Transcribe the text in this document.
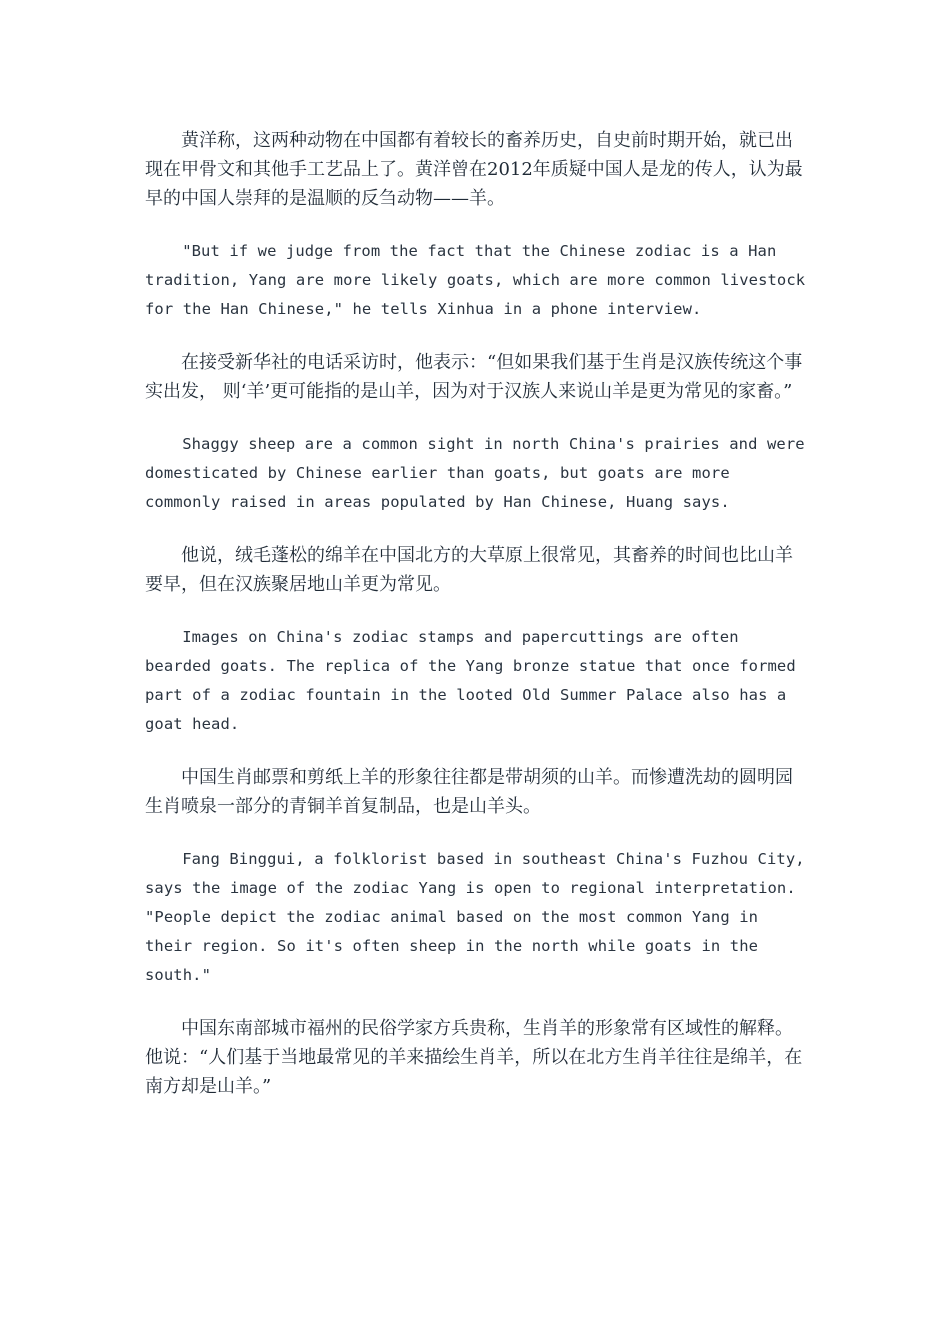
黄洋称，这两种动物在中国都有着较长的畜养历史，自史前时期开始，就已出现在甲骨文和其他手工艺品上了。黄洋曾在2012年质疑中国人是龙的传人，认为最早的中国人崇拜的是温顺的反刍动物——羊。

"But if we judge from the fact that the Chinese zodiac is a Han tradition, Yang are more likely goats, which are more common livestock for the Han Chinese," he tells Xinhua in a phone interview.

在接受新华社的电话采访时，他表示：“但如果我们基于生肖是汉族传统这个事实出发， 则‘羊’更可能指的是山羊，因为对于汉族人来说山羊是更为常见的家畜。”

Shaggy sheep are a common sight in north China's prairies and were domesticated by Chinese earlier than goats, but goats are more commonly raised in areas populated by Han Chinese, Huang says.

他说，绒毛蓬松的绵羊在中国北方的大草原上很常见，其畜养的时间也比山羊要早，但在汉族聚居地山羊更为常见。

Images on China's zodiac stamps and papercuttings are often bearded goats. The replica of the Yang bronze statue that once formed part of a zodiac fountain in the looted Old Summer Palace also has a goat head.

中国生肖邮票和剪纸上羊的形象往往都是带胡须的山羊。而惨遭洗劫的圆明园生肖喷泉一部分的青铜羊首复制品，也是山羊头。

Fang Binggui, a folklorist based in southeast China's Fuzhou City, says the image of the zodiac Yang is open to regional interpretation. "People depict the zodiac animal based on the most common Yang in their region. So it's often sheep in the north while goats in the south."

中国东南部城市福州的民俗学家方兵贵称，生肖羊的形象常有区域性的解释。他说：“人们基于当地最常见的羊来描绘生肖羊，所以在北方生肖羊往往是绵羊，在南方却是山羊。”
